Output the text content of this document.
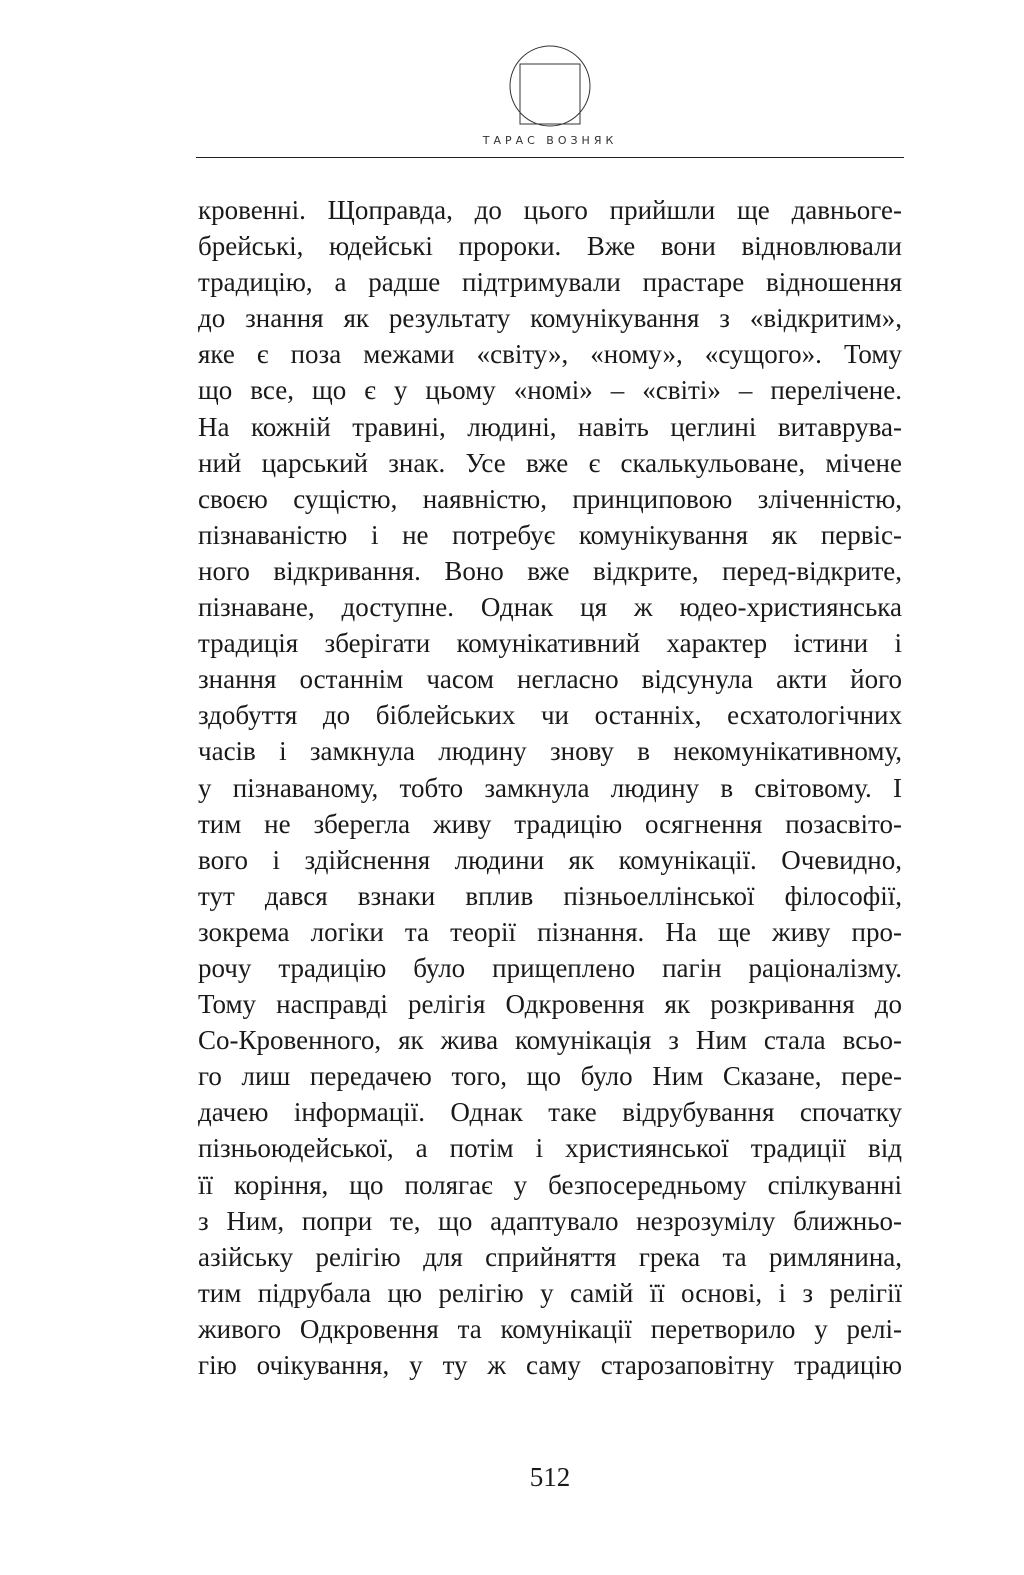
ТАРАС ВОЗНЯК
кровенні. Щоправда, до цього прийшли ще давньоге-
брейські, юдейські пророки. Вже вони відновлювали
традицію, а радше підтримували прастаре відношення
до знання як результату комунікування з «відкритим»,
яке є поза межами «світу», «ному», «сущого». Тому
що все, що є у цьому «номі» – «світі» – перелічене.
На кожній травині, людині, навіть цеглині витаврува-
ний царський знак. Усе вже є скалькульоване, мічене
своєю сущістю, наявністю, принциповою зліченністю,
пізнаваністю і не потребує комунікування як первіс-
ного відкривання. Воно вже відкрите, перед-відкрите,
пізнаване, доступне. Однак ця ж юдео-християнська
традиція зберігати комунікативний характер істини і
знання останнім часом негласно відсунула акти його
здобуття до біблейських чи останніх, есхатологічних
часів і замкнула людину знову в некомунікативному,
у пізнаваному, тобто замкнула людину в світовому. І
тим не зберегла живу традицію осягнення позасвіто-
вого і здійснення людини як комунікації. Очевидно,
тут дався взнаки вплив пізньоеллінської філософії,
зокрема логіки та теорії пізнання. На ще живу про-
рочу традицію було прищеплено пагін раціоналізму.
Тому насправді релігія Одкровення як розкривання до
Со-Кровенного, як жива комунікація з Ним стала всьо-
го лиш передачею того, що було Ним Сказане, пере-
дачею інформації. Однак таке відрубування спочатку
пізньоюдейської, а потім і християнської традиції від
її коріння, що полягає у безпосередньому спілкуванні
з Ним, попри те, що адаптувало незрозумілу ближньо-
азійську релігію для сприйняття грека та римлянина,
тим підрубала цю релігію у самій її основі, і з релігії
живого Одкровення та комунікації перетворило у релі-
гію очікування, у ту ж саму старозаповітну традицію
512
